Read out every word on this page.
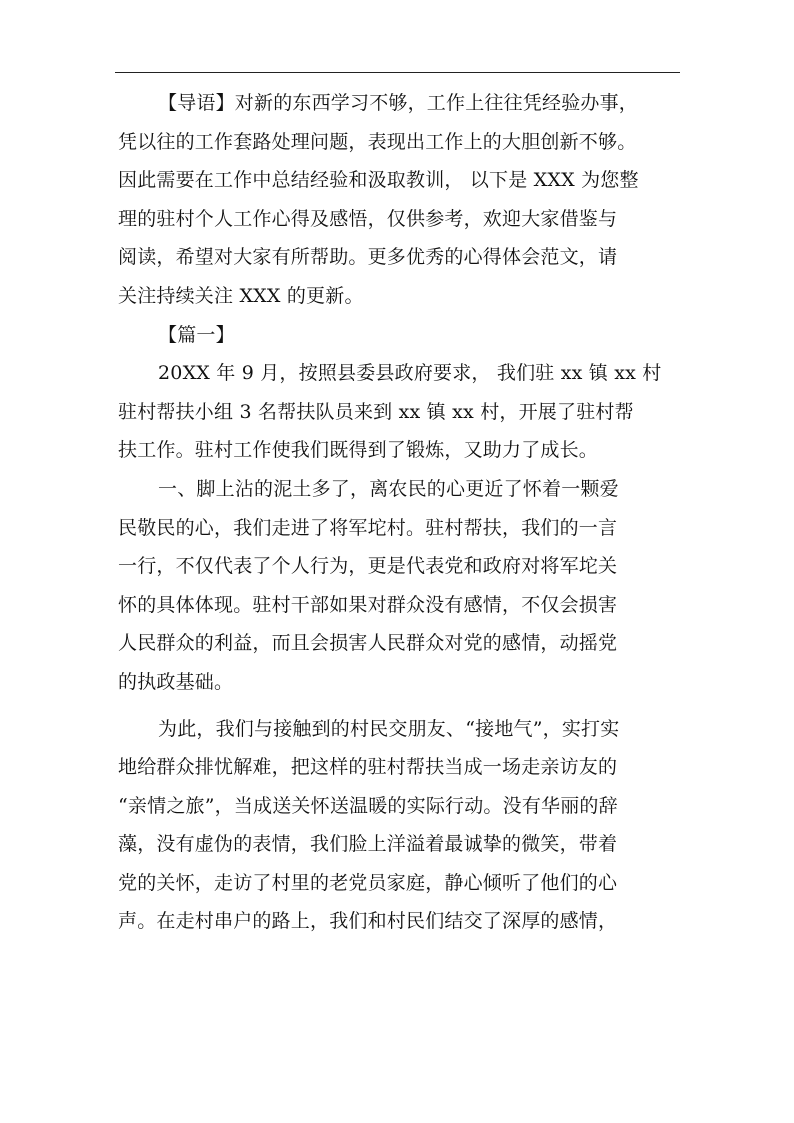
【导语】对新的东西学习不够，工作上往往凭经验办事，
凭以往的工作套路处理问题，表现出工作上的大胆创新不够。
因此需要在工作中总结经验和汲取教训， 以下是 XXX 为您整
理的驻村个人工作心得及感悟，仅供参考，欢迎大家借鉴与
阅读，希望对大家有所帮助。更多优秀的心得体会范文，请
关注持续关注 XXX 的更新。
【篇一】
20XX 年 9 月，按照县委县政府要求， 我们驻 xx 镇 xx 村
驻村帮扶小组 3 名帮扶队员来到 xx 镇 xx 村，开展了驻村帮
扶工作。驻村工作使我们既得到了锻炼，又助力了成长。
一、脚上沾的泥土多了，离农民的心更近了怀着一颗爱
民敬民的心，我们走进了将军坨村。驻村帮扶，我们的一言
一行，不仅代表了个人行为，更是代表党和政府对将军坨关
怀的具体体现。驻村干部如果对群众没有感情，不仅会损害
人民群众的利益，而且会损害人民群众对党的感情，动摇党
的执政基础。
为此，我们与接触到的村民交朋友、“接地气”，实打实
地给群众排忧解难，把这样的驻村帮扶当成一场走亲访友的
“亲情之旅”，当成送关怀送温暖的实际行动。没有华丽的辞
藻，没有虚伪的表情，我们脸上洋溢着最诚挚的微笑，带着
党的关怀，走访了村里的老党员家庭，静心倾听了他们的心
声。在走村串户的路上，我们和村民们结交了深厚的感情，
